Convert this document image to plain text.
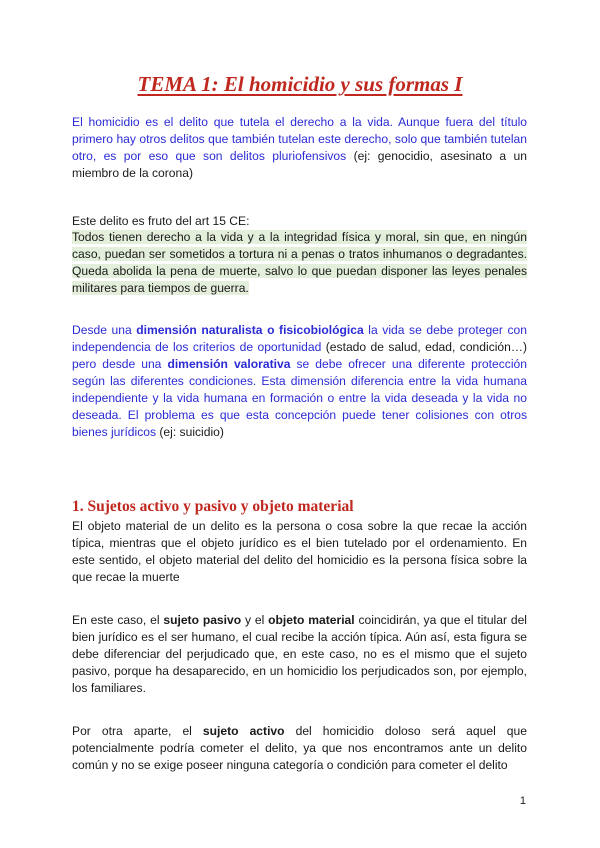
TEMA 1: El homicidio y sus formas I

El homicidio es el delito que tutela el derecho a la vida. Aunque fuera del título primero hay otros delitos que también tutelan este derecho, solo que también tutelan otro, es por eso que son delitos pluriofensivos (ej: genocidio, asesinato a un miembro de la corona)

Este delito es fruto del art 15 CE:

Todos tienen derecho a la vida y a la integridad física y moral, sin que, en ningún caso, puedan ser sometidos a tortura ni a penas o tratos inhumanos o degradantes. Queda abolida la pena de muerte, salvo lo que puedan disponer las leyes penales militares para tiempos de guerra.

Desde una dimensión naturalista o fisicobiológica la vida se debe proteger con independencia de los criterios de oportunidad (estado de salud, edad, condición…) pero desde una dimensión valorativa se debe ofrecer una diferente protección según las diferentes condiciones. Esta dimensión diferencia entre la vida humana independiente y la vida humana en formación o entre la vida deseada y la vida no deseada. El problema es que esta concepción puede tener colisiones con otros bienes jurídicos (ej: suicidio)

1. Sujetos activo y pasivo y objeto material

El objeto material de un delito es la persona o cosa sobre la que recae la acción típica, mientras que el objeto jurídico es el bien tutelado por el ordenamiento. En este sentido, el objeto material del delito del homicidio es la persona física sobre la que recae la muerte

En este caso, el sujeto pasivo y el objeto material coincidirán, ya que el titular del bien jurídico es el ser humano, el cual recibe la acción típica. Aún así, esta figura se debe diferenciar del perjudicado que, en este caso, no es el mismo que el sujeto pasivo, porque ha desaparecido, en un homicidio los perjudicados son, por ejemplo, los familiares.

Por otra aparte, el sujeto activo del homicidio doloso será aquel que potencialmente podría cometer el delito, ya que nos encontramos ante un delito común y no se exige poseer ninguna categoría o condición para cometer el delito

1
